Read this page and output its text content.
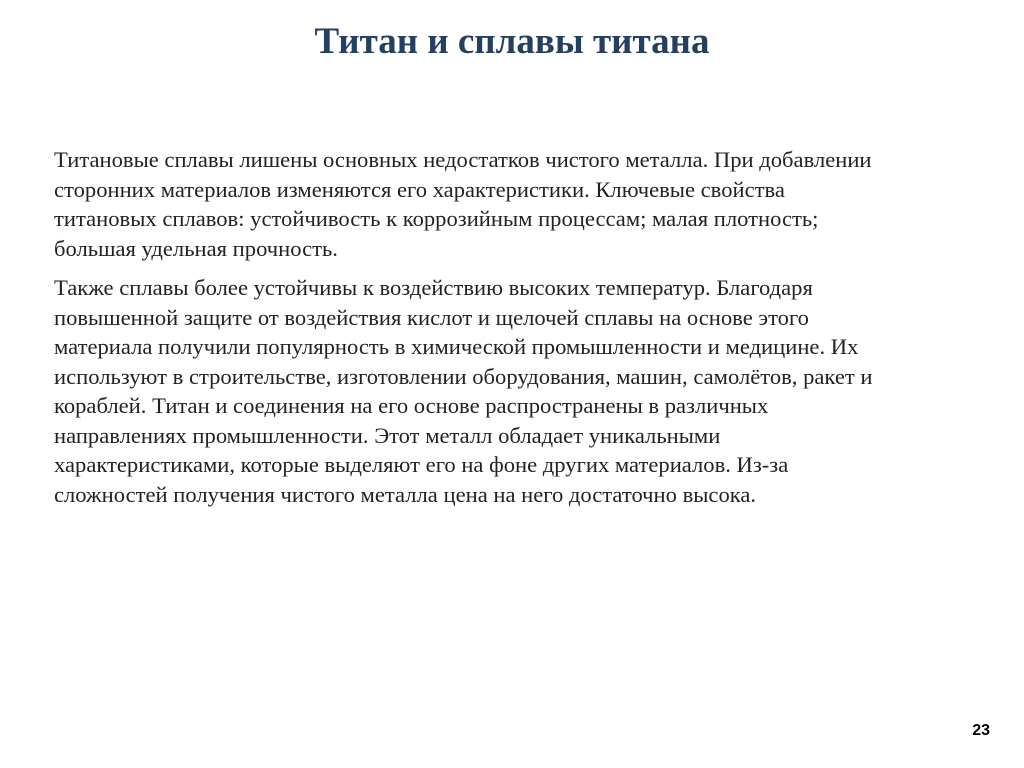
Титан и сплавы титана

Титановые сплавы лишены основных недостатков чистого металла. При добавлении
сторонних материалов изменяются его характеристики. Ключевые свойства
титановых сплавов: устойчивость к коррозийным процессам; малая плотность;
большая удельная прочность.

Также сплавы более устойчивы к воздействию высоких температур. Благодаря
повышенной защите от воздействия кислот и щелочей сплавы на основе этого
материала получили популярность в химической промышленности и медицине. Их
используют в строительстве, изготовлении оборудования, машин, самолётов, ракет и
кораблей. Титан и соединения на его основе распространены в различных
направлениях промышленности. Этот металл обладает уникальными
характеристиками, которые выделяют его на фоне других материалов. Из-за
сложностей получения чистого металла цена на него достаточно высока.

23
